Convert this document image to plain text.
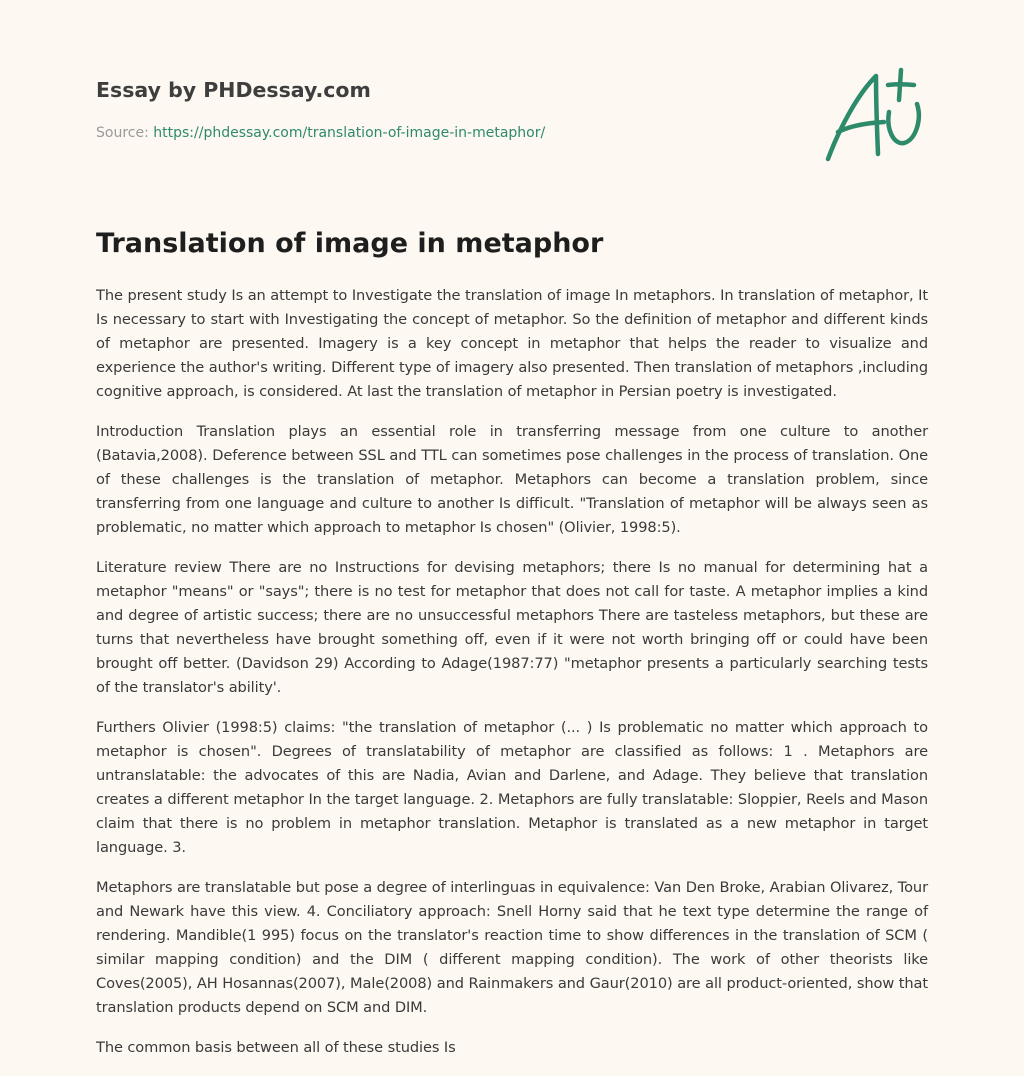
Essay by PHDessay.com
Source: https://phdessay.com/translation-of-image-in-metaphor/
Translation of image in metaphor

The present study Is an attempt to Investigate the translation of image In metaphors. In translation of metaphor, It Is necessary to start with Investigating the concept of metaphor. So the definition of metaphor and different kinds of metaphor are presented. Imagery is a key concept in metaphor that helps the reader to visualize and experience the author's writing. Different type of imagery also presented. Then translation of metaphors ,including cognitive approach, is considered. At last the translation of metaphor in Persian poetry is investigated.

Introduction Translation plays an essential role in transferring message from one culture to another (Batavia,2008). Deference between SSL and TTL can sometimes pose challenges in the process of translation. One of these challenges is the translation of metaphor. Metaphors can become a translation problem, since transferring from one language and culture to another Is difficult. "Translation of metaphor will be always seen as problematic, no matter which approach to metaphor Is chosen" (Olivier, 1998:5).

Literature review There are no Instructions for devising metaphors; there Is no manual for determining hat a metaphor "means" or "says"; there is no test for metaphor that does not call for taste. A metaphor implies a kind and degree of artistic success; there are no unsuccessful metaphors There are tasteless metaphors, but these are turns that nevertheless have brought something off, even if it were not worth bringing off or could have been brought off better. (Davidson 29) According to Adage(1987:77) "metaphor presents a particularly searching tests of the translator's ability'.

Furthers Olivier (1998:5) claims: "the translation of metaphor (... ) Is problematic no matter which approach to metaphor is chosen". Degrees of translatability of metaphor are classified as follows: 1 . Metaphors are untranslatable: the advocates of this are Nadia, Avian and Darlene, and Adage. They believe that translation creates a different metaphor In the target language. 2. Metaphors are fully translatable: Sloppier, Reels and Mason claim that there is no problem in metaphor translation. Metaphor is translated as a new metaphor in target language. 3.

Metaphors are translatable but pose a degree of interlinguas in equivalence: Van Den Broke, Arabian Olivarez, Tour and Newark have this view. 4. Conciliatory approach: Snell Horny said that he text type determine the range of rendering. Mandible(1 995) focus on the translator's reaction time to show differences in the translation of SCM ( similar mapping condition) and the DIM ( different mapping condition). The work of other theorists like Coves(2005), AH Hosannas(2007), Male(2008) and Rainmakers and Gaur(2010) are all product-oriented, show that translation products depend on SCM and DIM.

The common basis between all of these studies Is
